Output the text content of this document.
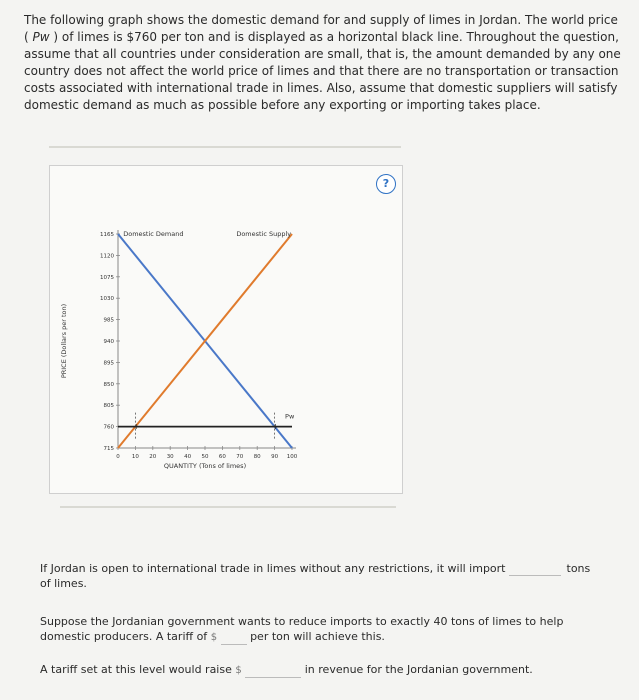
The following graph shows the domestic demand for and supply of limes in Jordan. The world price ( Pw ) of limes is $760 per ton and is displayed as a horizontal black line. Throughout the question, assume that all countries under consideration are small, that is, the amount demanded by any one country does not affect the world price of limes and that there are no transportation or transaction costs associated with international trade in limes. Also, assume that domestic suppliers will satisfy domestic demand as much as possible before any exporting or importing takes place.
?
715
760
805
850
895
940
985
1030
1075
1120
1165
0 10 20 30 40 50 60 70 80 90 100
QUANTITY (Tons of limes)
PRICE (Dollars per ton)
+	+
Domestic Demand	Domestic Supply
Pw
If Jordan is open to international trade in limes without any restrictions, it will import	tons
of limes.
Suppose the Jordanian government wants to reduce imports to exactly 40 tons of limes to help domestic producers. A tariff of $	per ton will achieve this.
A tariff set at this level would raise $	in revenue for the Jordanian government.
